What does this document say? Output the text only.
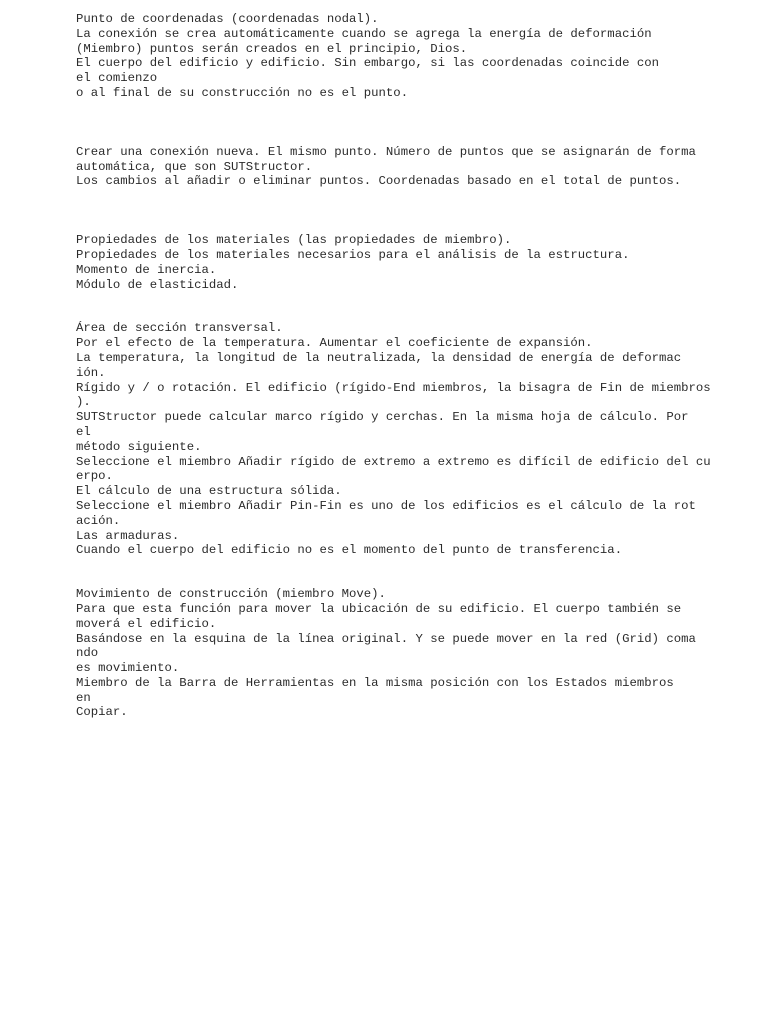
Punto de coordenadas (coordenadas nodal).
La conexión se crea automáticamente cuando se agrega la energía de deformación
(Miembro) puntos serán creados en el principio, Dios.
El cuerpo del edificio y edificio. Sin embargo, si las coordenadas coincide con
el comienzo
o al final de su construcción no es el punto.
Crear una conexión nueva. El mismo punto. Número de puntos que se asignarán de forma
automática, que son SUTStructor.
Los cambios al añadir o eliminar puntos. Coordenadas basado en el total de puntos.
Propiedades de los materiales (las propiedades de miembro).
Propiedades de los materiales necesarios para el análisis de la estructura.
Momento de inercia.
Módulo de elasticidad.
Área de sección transversal.
Por el efecto de la temperatura. Aumentar el coeficiente de expansión.
La temperatura, la longitud de la neutralizada, la densidad de energía de deformac
ión.
Rígido y / o rotación. El edificio (rígido-End miembros, la bisagra de Fin de miembros
).
SUTStructor puede calcular marco rígido y cerchas. En la misma hoja de cálculo. Por
el
método siguiente.
Seleccione el miembro Añadir rígido de extremo a extremo es difícil de edificio del cu
erpo.
El cálculo de una estructura sólida.
Seleccione el miembro Añadir Pin-Fin es uno de los edificios es el cálculo de la rot
ación.
Las armaduras.
Cuando el cuerpo del edificio no es el momento del punto de transferencia.
Movimiento de construcción (miembro Move).
Para que esta función para mover la ubicación de su edificio. El cuerpo también se
moverá el edificio.
Basándose en la esquina de la línea original. Y se puede mover en la red (Grid) coma
ndo
es movimiento.
Miembro de la Barra de Herramientas en la misma posición con los Estados miembros
en
Copiar.
